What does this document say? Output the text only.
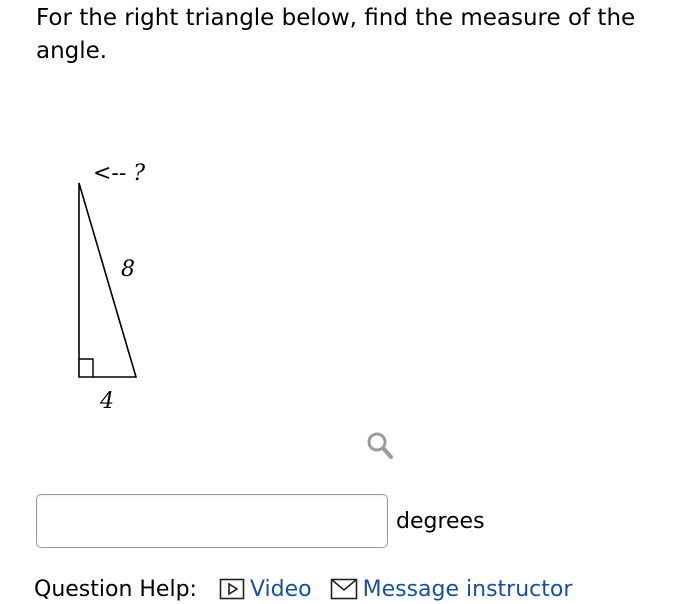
For the right triangle below, find the measure of the angle.

<-- ?
8
4
degrees
Question Help: Video Message instructor
